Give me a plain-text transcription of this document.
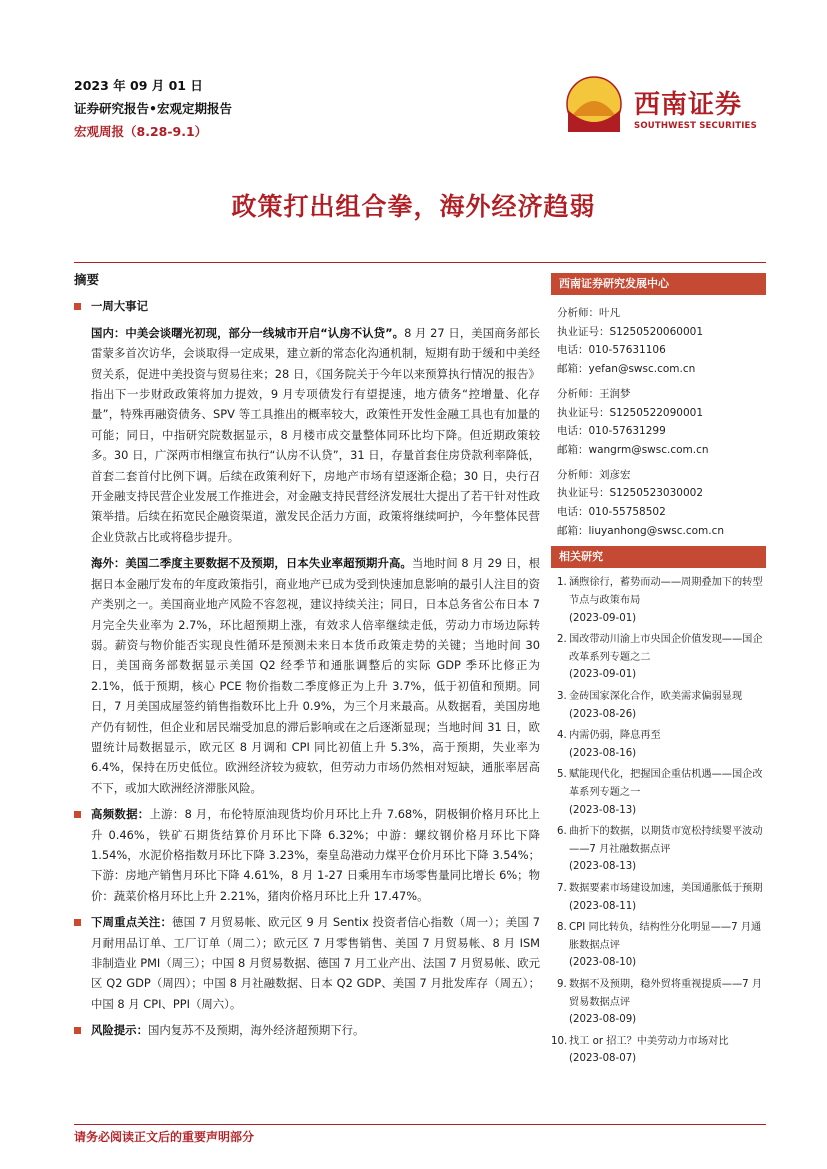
2023 年 09 月 01 日
证券研究报告•宏观定期报告
宏观周报（8.28-9.1）
西南证券
SOUTHWEST SECURITIES
政策打出组合拳，海外经济趋弱
摘要
一周大事记

国内：中美会谈曙光初现，部分一线城市开启“认房不认贷”。8 月 27 日，美国商务部长雷蒙多首次访华，会谈取得一定成果，建立新的常态化沟通机制，短期有助于缓和中美经贸关系，促进中美投资与贸易往来；28 日，《国务院关于今年以来预算执行情况的报告》指出下一步财政政策将加力提效，9 月专项债发行有望提速，地方债务“控增量、化存量”，特殊再融资债务、SPV 等工具推出的概率较大，政策性开发性金融工具也有加量的可能；同日，中指研究院数据显示，8 月楼市成交量整体同环比均下降。但近期政策较多。30 日，广深两市相继宣布执行“认房不认贷”，31 日，存量首套住房贷款利率降低，首套二套首付比例下调。后续在政策利好下，房地产市场有望逐渐企稳；30 日，央行召开金融支持民营企业发展工作推进会，对金融支持民营经济发展壮大提出了若干针对性政策举措。后续在拓宽民企融资渠道，激发民企活力方面，政策将继续呵护，今年整体民营企业贷款占比或将稳步提升。

海外：美国二季度主要数据不及预期，日本失业率超预期升高。当地时间 8 月 29 日，根据日本金融厅发布的年度政策指引，商业地产已成为受到快速加息影响的最引人注目的资产类别之一。美国商业地产风险不容忽视，建议持续关注；同日，日本总务省公布日本 7 月完全失业率为 2.7%，环比超预期上涨，有效求人倍率继续走低，劳动力市场边际转弱。薪资与物价能否实现良性循环是预测未来日本货币政策走势的关键；当地时间 30 日，美国商务部数据显示美国 Q2 经季节和通胀调整后的实际 GDP 季环比修正为 2.1%，低于预期，核心 PCE 物价指数二季度修正为上升 3.7%，低于初值和预期。同日，7 月美国成屋签约销售指数环比上升 0.9%，为三个月来最高。从数据看，美国房地产仍有韧性，但企业和居民端受加息的滞后影响或在之后逐渐显现；当地时间 31 日，欧盟统计局数据显示，欧元区 8 月调和 CPI 同比初值上升 5.3%，高于预期，失业率为 6.4%，保持在历史低位。欧洲经济较为疲软，但劳动力市场仍然相对短缺，通胀率居高不下，或加大欧洲经济滞胀风险。

高频数据：上游：8 月，布伦特原油现货均价月环比上升 7.68%，阴极铜价格月环比上升 0.46%，铁矿石期货结算价月环比下降 6.32%；中游：螺纹钢价格月环比下降 1.54%，水泥价格指数月环比下降 3.23%，秦皇岛港动力煤平仓价月环比下降 3.54%；下游：房地产销售月环比下降 4.61%，8 月 1-27 日乘用车市场零售量同比增长 6%；物价：蔬菜价格月环比上升 2.21%，猪肉价格月环比上升 17.47%。
下周重点关注：德国 7 月贸易帐、欧元区 9 月 Sentix 投资者信心指数（周一）；美国 7 月耐用品订单、工厂订单（周二）；欧元区 7 月零售销售、美国 7 月贸易帐、8 月 ISM 非制造业 PMI（周三）；中国 8 月贸易数据、德国 7 月工业产出、法国 7 月贸易帐、欧元区 Q2 GDP（周四）；中国 8 月社融数据、日本 Q2 GDP、美国 7 月批发库存（周五）；中国 8 月 CPI、PPI（周六）。
风险提示：国内复苏不及预期，海外经济超预期下行。
西南证券研究发展中心
分析师：叶凡
执业证号：S1250520060001
电话：010-57631106
邮箱：yefan@swsc.com.cn
分析师：王润梦
执业证号：S1250522090001
电话：010-57631299
邮箱：wangrm@swsc.com.cn
分析师：刘彦宏
执业证号：S1250523030002
电话：010-55758502
邮箱：liuyanhong@swsc.com.cn
相关研究
1. 涵煦徐行，蓄势而动——周期叠加下的转型节点与政策布局
(2023-09-01)
2. 国改带动川渝上市央国企价值发现——国企改革系列专题之二
(2023-09-01)
3. 金砖国家深化合作，欧美需求偏弱显现
(2023-08-26)
4. 内需仍弱，降息再至
(2023-08-16)
5. 赋能现代化，把握国企重估机遇——国企改革系列专题之一
(2023-08-13)
6. 曲折下的数据，以期货市宽松持续婴平波动——7 月社融数据点评
(2023-08-13)
7. 数据要素市场建设加速，美国通胀低于预期
(2023-08-11)
8. CPI 同比转负，结构性分化明显——7 月通胀数据点评
(2023-08-10)
9. 数据不及预期，稳外贸将重视提质——7 月贸易数据点评
(2023-08-09)
10. 找工 or 招工？中美劳动力市场对比
(2023-08-07)
请务必阅读正文后的重要声明部分
